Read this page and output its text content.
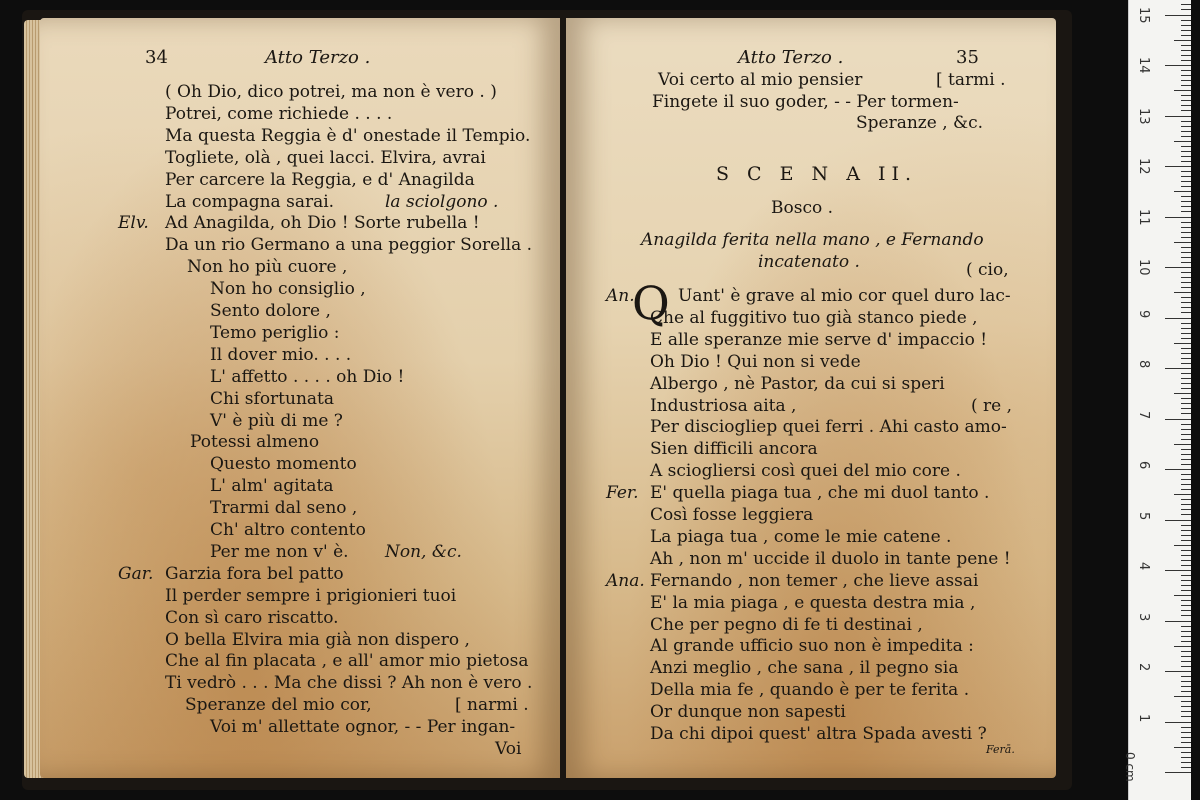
34	Atto Terzo .
( Oh Dio, dico potrei, ma non è vero . )
Potrei, come richiede . . . .
Ma questa Reggia è d' onestade il Tempio.
Togliete, olà , quei lacci. Elvira, avrai
Per carcere la Reggia, e d' Anagilda
La compagna sarai.	la sciolgono .
Elv. Ad Anagilda, oh Dio ! Sorte rubella !
Da un rio Germano a una peggior Sorella .
Non ho più cuore ,
Non ho consiglio ,
Sento dolore ,
Temo periglio :
Il dover mio. . . .
L' affetto . . . . oh Dio !
Chi sfortunata
V' è più di me ?
Potessi almeno
Questo momento
L' alm' agitata
Trarmi dal seno ,
Ch' altro contento
Per me non v' è. Non, &c.
Gar. Garzia fora bel patto
Il perder sempre i prigionieri tuoi
Con sì caro riscatto.
O bella Elvira mia già non dispero ,
Che al fin placata , e all' amor mio pietosa
Ti vedrò . . . Ma che dissi ? Ah non è vero .
Speranze del mio cor,	[ narmi .
Voi m' allettate ognor, - - Per ingan-
Voi
Atto Terzo .	35
Voi certo al mio pensier	[ tarmi .
Fingete il suo goder, - - Per tormen-
Speranze , &c.
S C E N A II.
Bosco .
Anagilda ferita nella mano , e Fernando
incatenato .	( cio,
Q
An.	Uant' è grave al mio cor quel duro lac-
Che al fuggitivo tuo già stanco piede ,
E alle speranze mie serve d' impaccio !
Oh Dio ! Qui non si vede
Albergo , nè Pastor, da cui si speri
Industriosa aita ,	( re ,
Per disciogliер quei ferri . Ahi casto amo-
Sien difficili ancora
A sciogliersi così quei del mio core .
Fer. E' quella piaga tua , che mi duol tanto .
Così fosse leggiera
La piaga tua , come le mie catene .
Ah , non m' uccide il duolo in tante pene !
Ana. Fernando , non temer , che lieve assai
E' la mia piaga , e questa destra mia ,
Che per pegno di fe ti destinai ,
Al grande ufficio suo non è impedita :
Anzi meglio , che sana , il pegno sia
Della mia fe , quando è per te ferita .
Or dunque non sapesti
Da chi dipoi quest' altra Spada avesti ?
Ferā.
1
2
3
4
5
6
7
8
9
10
11
12
13
14
15
0 cm
